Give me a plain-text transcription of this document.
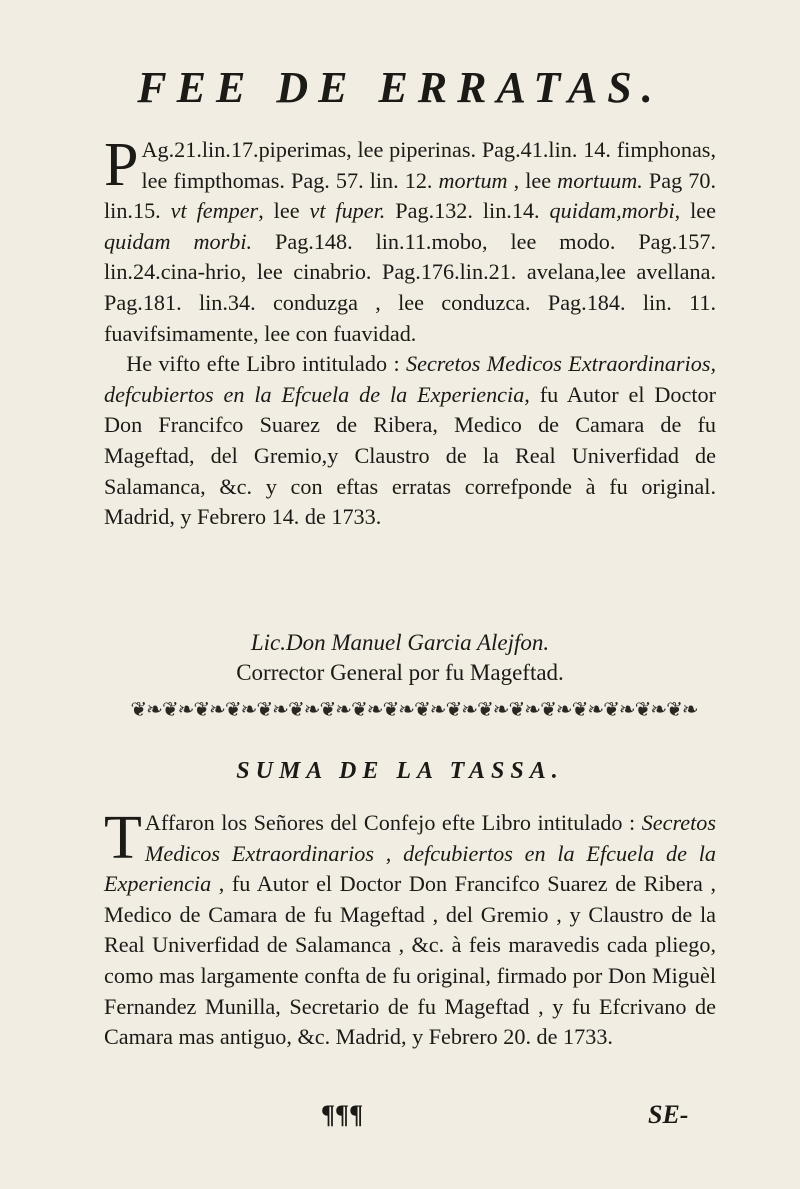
FEE DE ERRATAS.

P Ag.21.lin.17.piperimas, lee piperinas. Pag.41.lin. 14. fimphonas, lee fimpthomas. Pag. 57. lin. 12. mortum , lee mortuum. Pag 70. lin.15. vt femper, lee vt fuper. Pag.132. lin.14. quidam,morbi, lee quidam morbi. Pag.148. lin.11.mobo, lee modo. Pag.157. lin.24.cina-hrio, lee cinabrio. Pag.176.lin.21. avelana,lee avellana. Pag.181. lin.34. conduzga , lee conduzca. Pag.184. lin. 11. fuavifsimamente, lee con fuavidad.
 He vifto efte Libro intitulado : Secretos Medicos Extraordinarios, defcubiertos en la Efcuela de la Experiencia, fu Autor el Doctor Don Francifco Suarez de Ribera, Medico de Camara de fu Mageftad, del Gremio,y Claustro de la Real Univerfidad de Salamanca, &c. y con eftas erratas correfponde à fu original. Madrid, y Febrero 14. de 1733.

Lic.Don Manuel Garcia Alejfon.
Corrector General por fu Mageftad.
❦❧❦❧❦❧❦❧❦❧❦❧❦❧❦❧❦❧❦❧❦❧❦❧❦❧❦❧❦❧❦❧❦❧❦❧
SUMA DE LA TASSA.

T Affaron los Señores del Confejo efte Libro intitulado : Secretos Medicos Extraordinarios , defcubiertos en la Efcuela de la Experiencia , fu Autor el Doctor Don Francifco Suarez de Ribera , Medico de Camara de fu Mageftad , del Gremio , y Claustro de la Real Univerfidad de Salamanca , &c. à feis maravedis cada pliego, como mas largamente confta de fu original, firmado por Don Miguèl Fernandez Munilla, Secretario de fu Mageftad , y fu Efcrivano de Camara mas antiguo, &c. Madrid, y Febrero 20. de 1733.

¶¶¶	SE-
